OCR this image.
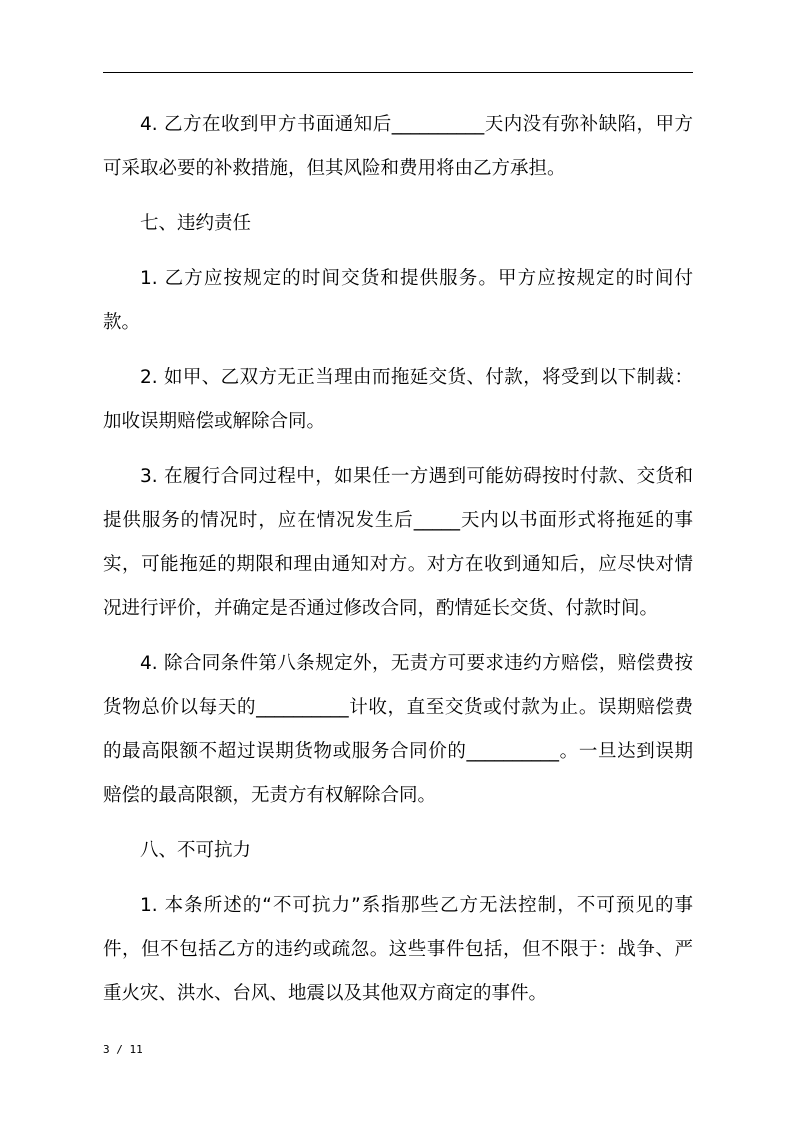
4. 乙方在收到甲方书面通知后__________天内没有弥补缺陷，甲方可采取必要的补救措施，但其风险和费用将由乙方承担。

七、违约责任

1. 乙方应按规定的时间交货和提供服务。甲方应按规定的时间付款。

2. 如甲、乙双方无正当理由而拖延交货、付款，将受到以下制裁：加收误期赔偿或解除合同。

3. 在履行合同过程中，如果任一方遇到可能妨碍按时付款、交货和提供服务的情况时，应在情况发生后_____天内以书面形式将拖延的事实，可能拖延的期限和理由通知对方。对方在收到通知后，应尽快对情况进行评价，并确定是否通过修改合同，酌情延长交货、付款时间。

4. 除合同条件第八条规定外，无责方可要求违约方赔偿，赔偿费按货物总价以每天的__________计收，直至交货或付款为止。误期赔偿费的最高限额不超过误期货物或服务合同价的__________。一旦达到误期赔偿的最高限额，无责方有权解除合同。

八、不可抗力

1. 本条所述的“不可抗力”系指那些乙方无法控制，不可预见的事件，但不包括乙方的违约或疏忽。这些事件包括，但不限于：战争、严重火灾、洪水、台风、地震以及其他双方商定的事件。

3 / 11
